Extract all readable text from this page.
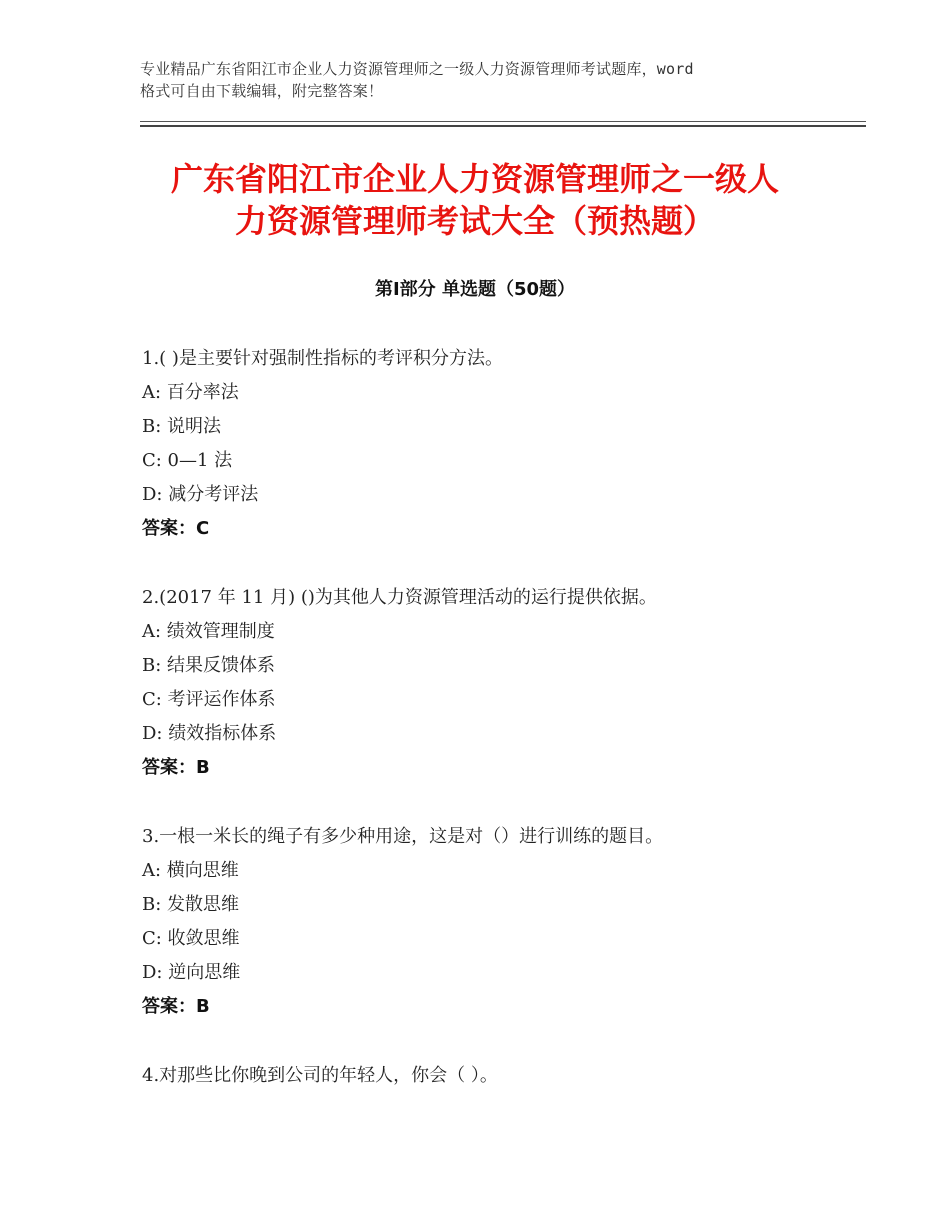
专业精品广东省阳江市企业人力资源管理师之一级人力资源管理师考试题库，word
格式可自由下载编辑，附完整答案！
广东省阳江市企业人力资源管理师之一级人
力资源管理师考试大全（预热题）
第Ⅰ部分 单选题（50题）
1.( )是主要针对强制性指标的考评积分方法。
A: 百分率法
B: 说明法
C: 0—1 法
D: 减分考评法
答案：C
2.(2017 年 11 月) ()为其他人力资源管理活动的运行提供依据。
A: 绩效管理制度
B: 结果反馈体系
C: 考评运作体系
D: 绩效指标体系
答案：B
3.一根一米长的绳子有多少种用途，这是对（）进行训练的题目。
A: 横向思维
B: 发散思维
C: 收敛思维
D: 逆向思维
答案：B
4.对那些比你晚到公司的年轻人，你会（ ）。
